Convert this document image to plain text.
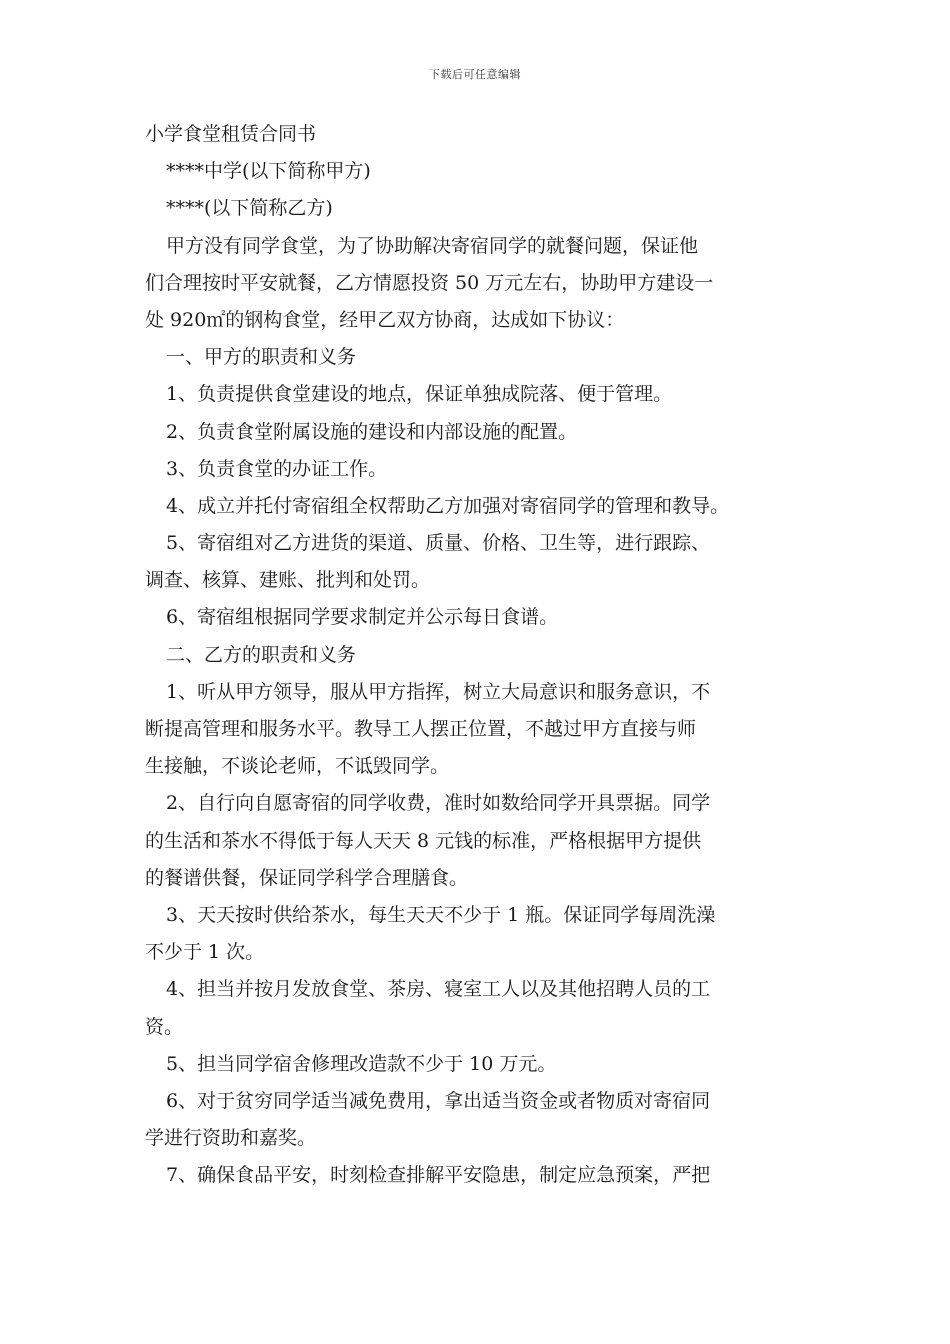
下载后可任意编辑
小学食堂租赁合同书
****中学(以下简称甲方)
****(以下简称乙方)
甲方没有同学食堂，为了协助解决寄宿同学的就餐问题，保证他
们合理按时平安就餐，乙方情愿投资 50 万元左右，协助甲方建设一
处 920㎡的钢构食堂，经甲乙双方协商，达成如下协议：
一、甲方的职责和义务
1、负责提供食堂建设的地点，保证单独成院落、便于管理。
2、负责食堂附属设施的建设和内部设施的配置。
3、负责食堂的办证工作。
4、成立并托付寄宿组全权帮助乙方加强对寄宿同学的管理和教导。
5、寄宿组对乙方进货的渠道、质量、价格、卫生等，进行跟踪、
调查、核算、建账、批判和处罚。
6、寄宿组根据同学要求制定并公示每日食谱。
二、乙方的职责和义务
1、听从甲方领导，服从甲方指挥，树立大局意识和服务意识，不
断提高管理和服务水平。教导工人摆正位置，不越过甲方直接与师
生接触，不谈论老师，不诋毁同学。
2、自行向自愿寄宿的同学收费，准时如数给同学开具票据。同学
的生活和茶水不得低于每人天天 8 元钱的标准，严格根据甲方提供
的餐谱供餐，保证同学科学合理膳食。
3、天天按时供给茶水，每生天天不少于 1 瓶。保证同学每周洗澡
不少于 1 次。
4、担当并按月发放食堂、茶房、寝室工人以及其他招聘人员的工
资。
5、担当同学宿舍修理改造款不少于 10 万元。
6、对于贫穷同学适当减免费用，拿出适当资金或者物质对寄宿同
学进行资助和嘉奖。
7、确保食品平安，时刻检查排解平安隐患，制定应急预案，严把
